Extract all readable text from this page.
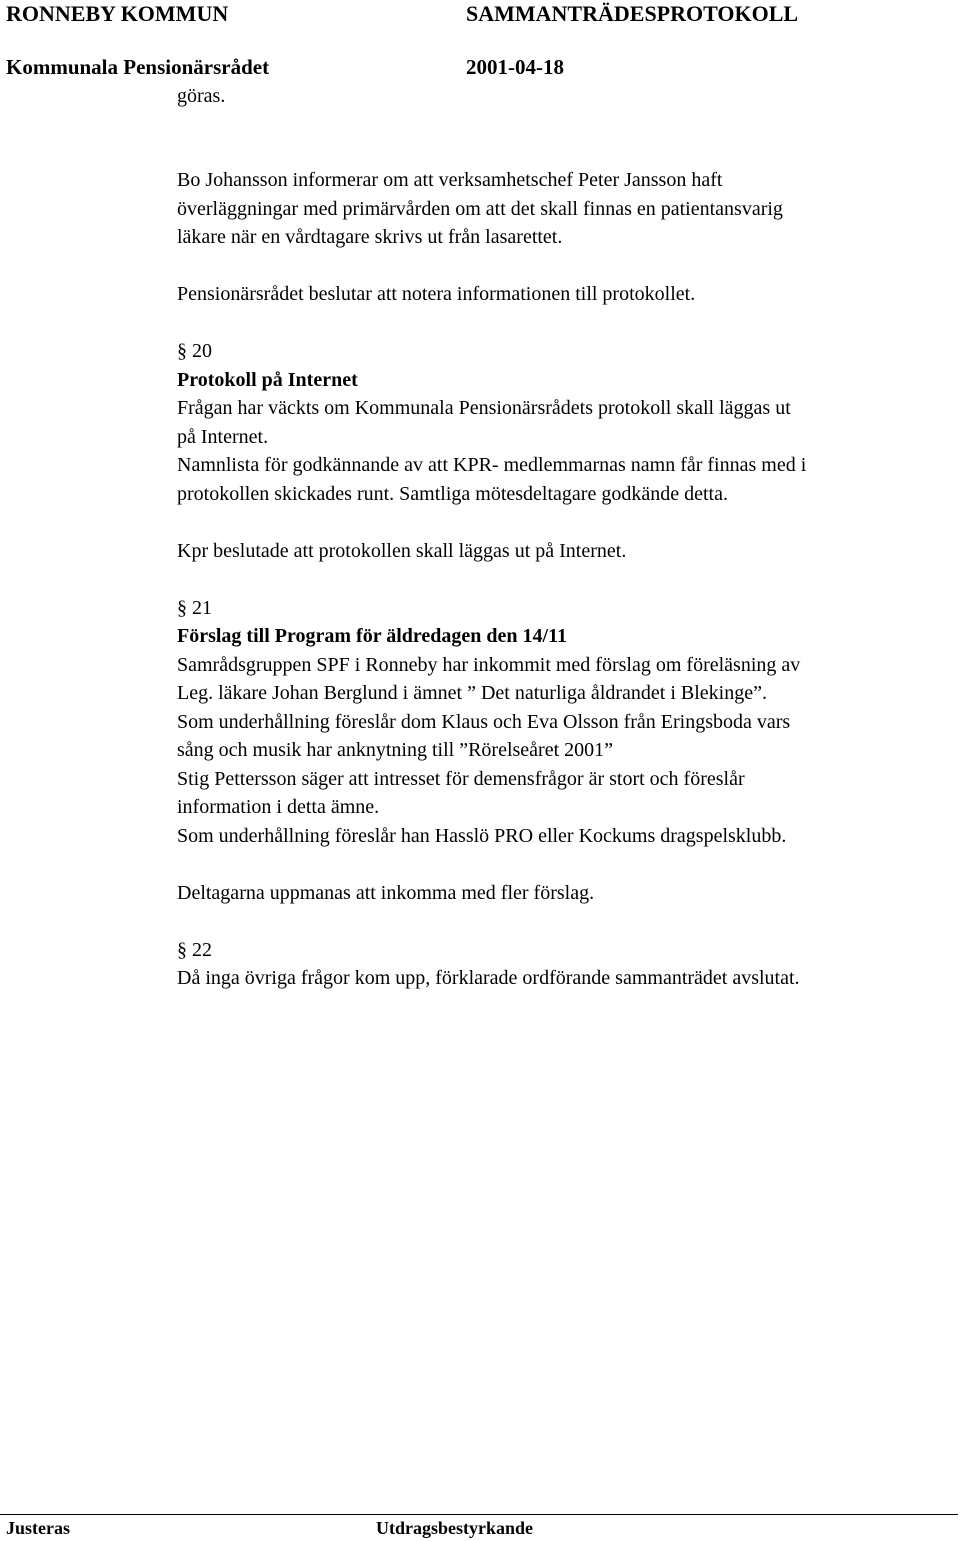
RONNEBY KOMMUN	SAMMANTRÄDESPROTOKOLL
Kommunala Pensionärsrådet	2001-04-18
göras.

Bo Johansson informerar om att verksamhetschef Peter Jansson haft

överläggningar med primärvården om att det skall finnas en patientansvarig

läkare när en vårdtagare skrivs ut från lasarettet.

Pensionärsrådet beslutar att notera informationen till protokollet.

§ 20

Protokoll på Internet

Frågan har väckts om Kommunala Pensionärsrådets protokoll skall läggas ut

på Internet.

Namnlista för godkännande av att KPR- medlemmarnas namn får finnas med i

protokollen skickades runt. Samtliga mötesdeltagare godkände detta.

Kpr beslutade att protokollen skall läggas ut på Internet.

§ 21

Förslag till Program för äldredagen den 14/11

Samrådsgruppen SPF i Ronneby har inkommit med förslag om föreläsning av

Leg. läkare Johan Berglund i ämnet ” Det naturliga åldrandet i Blekinge”.

Som underhållning föreslår dom Klaus och Eva Olsson från Eringsboda vars

sång och musik har anknytning till ”Rörelseåret 2001”

Stig Pettersson säger att intresset för demensfrågor är stort och föreslår

information i detta ämne.

Som underhållning föreslår han Hasslö PRO eller Kockums dragspelsklubb.

Deltagarna uppmanas att inkomma med fler förslag.

§ 22

Då inga övriga frågor kom upp, förklarade ordförande sammanträdet avslutat.

Justeras	Utdragsbestyrkande
